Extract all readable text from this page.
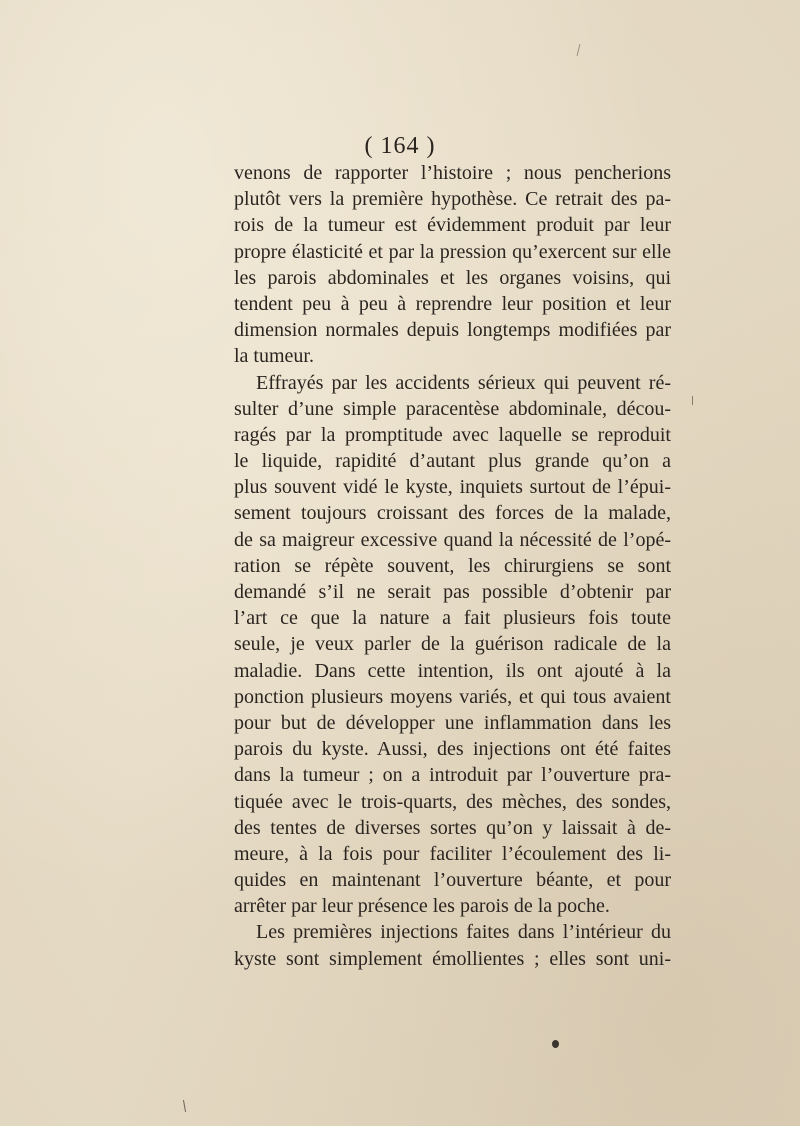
( 164 )
venons de rapporter l’histoire ; nous pencherions
plutôt vers la première hypothèse. Ce retrait des pa-
rois de la tumeur est évidemment produit par leur
propre élasticité et par la pression qu’exercent sur elle
les parois abdominales et les organes voisins, qui
tendent peu à peu à reprendre leur position et leur
dimension normales depuis longtemps modifiées par
la tumeur.
Effrayés par les accidents sérieux qui peuvent ré-
sulter d’une simple paracentèse abdominale, décou-
ragés par la promptitude avec laquelle se reproduit
le liquide, rapidité d’autant plus grande qu’on a
plus souvent vidé le kyste, inquiets surtout de l’épui-
sement toujours croissant des forces de la malade,
de sa maigreur excessive quand la nécessité de l’opé-
ration se répète souvent, les chirurgiens se sont
demandé s’il ne serait pas possible d’obtenir par
l’art ce que la nature a fait plusieurs fois toute
seule, je veux parler de la guérison radicale de la
maladie. Dans cette intention, ils ont ajouté à la
ponction plusieurs moyens variés, et qui tous avaient
pour but de développer une inflammation dans les
parois du kyste. Aussi, des injections ont été faites
dans la tumeur ; on a introduit par l’ouverture pra-
tiquée avec le trois-quarts, des mèches, des sondes,
des tentes de diverses sortes qu’on y laissait à de-
meure, à la fois pour faciliter l’écoulement des li-
quides en maintenant l’ouverture béante, et pour
arrêter par leur présence les parois de la poche.
Les premières injections faites dans l’intérieur du
kyste sont simplement émollientes ; elles sont uni-
